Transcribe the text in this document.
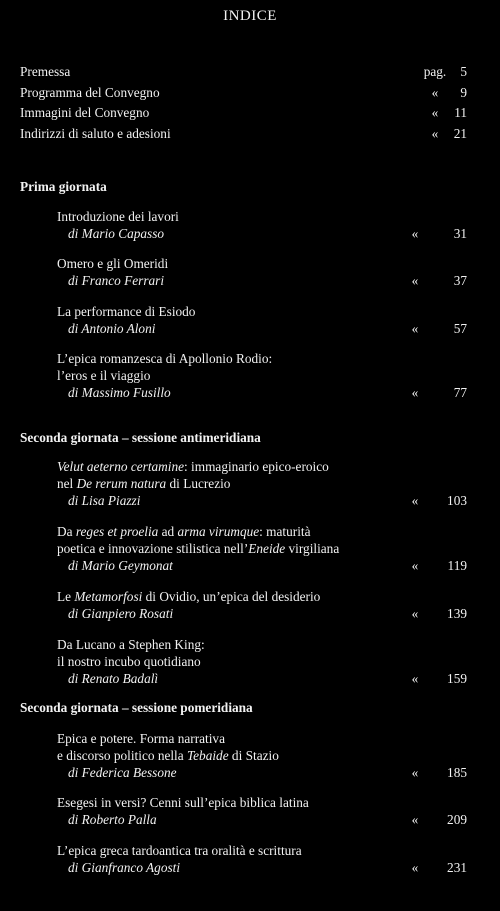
INDICE
Premessa	pag.	5
Programma del Convegno	«	9
Immagini del Convegno	«	11
Indirizzi di saluto e adesioni	«	21
Prima giornata
Introduzione dei lavori
di Mario Capasso	«	31
Omero e gli Omeridi
di Franco Ferrari	«	37
La performance di Esiodo
di Antonio Aloni	«	57
L’epica romanzesca di Apollonio Rodio:
l’eros e il viaggio
di Massimo Fusillo	«	77
Seconda giornata – sessione antimeridiana
Velut aeterno certamine: immaginario epico-eroico
nel De rerum natura di Lucrezio
di Lisa Piazzi	«	103
Da reges et proelia ad arma virumque: maturità
poetica e innovazione stilistica nell’Eneide virgiliana
di Mario Geymonat	«	119
Le Metamorfosi di Ovidio, un’epica del desiderio
di Gianpiero Rosati	«	139
Da Lucano a Stephen King:
il nostro incubo quotidiano
di Renato Badalì	«	159
Seconda giornata – sessione pomeridiana
Epica e potere. Forma narrativa
e discorso politico nella Tebaide di Stazio
di Federica Bessone	«	185
Esegesi in versi? Cenni sull’epica biblica latina
di Roberto Palla	«	209
L’epica greca tardoantica tra oralità e scrittura
di Gianfranco Agosti	«	231
